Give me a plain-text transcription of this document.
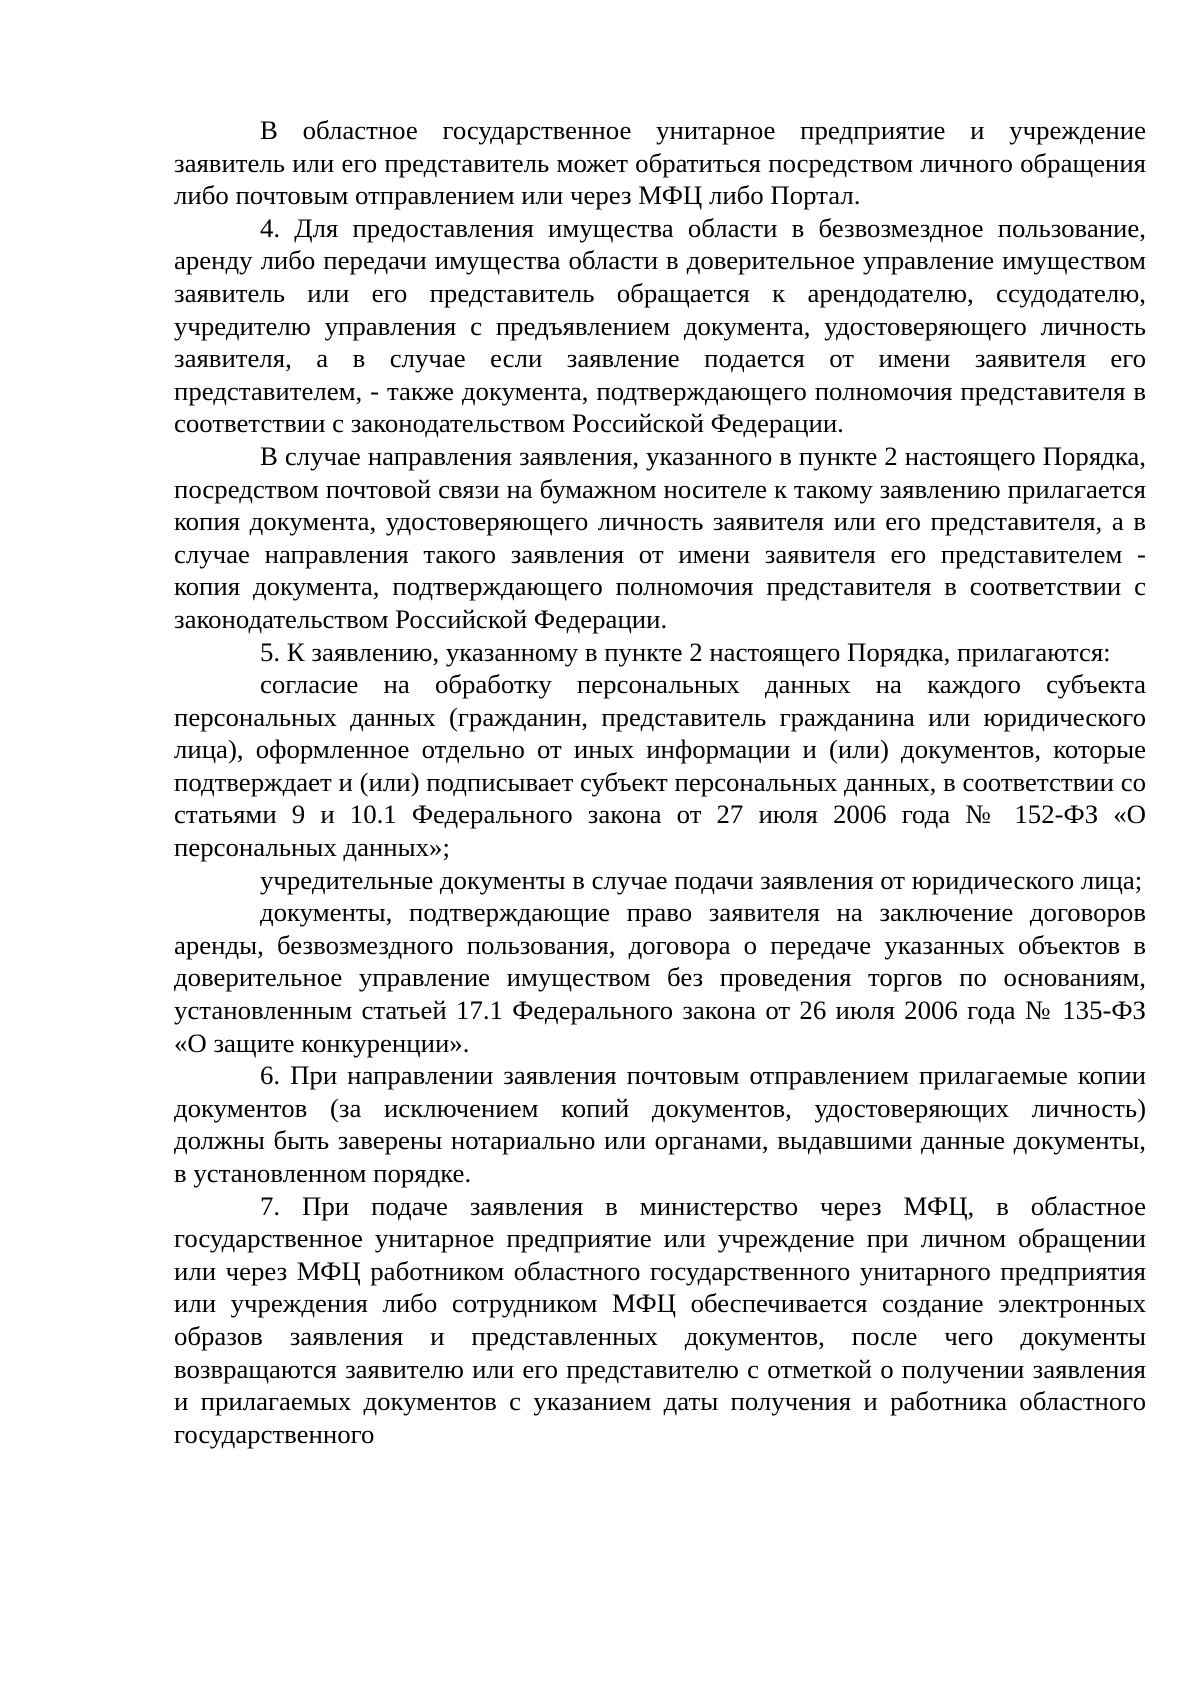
В областное государственное унитарное предприятие и учреждение заявитель или его представитель может обратиться посредством личного обращения либо почтовым отправлением или через МФЦ либо Портал.

4. Для предоставления имущества области в безвозмездное пользование, аренду либо передачи имущества области в доверительное управление имуществом заявитель или его представитель обращается к арендодателю, ссудодателю, учредителю управления с предъявлением документа, удостоверяющего личность заявителя, а в случае если заявление подается от имени заявителя его представителем, - также документа, подтверждающего полномочия представителя в соответствии с законодательством Российской Федерации.

В случае направления заявления, указанного в пункте 2 настоящего Порядка, посредством почтовой связи на бумажном носителе к такому заявлению прилагается копия документа, удостоверяющего личность заявителя или его представителя, а в случае направления такого заявления от имени заявителя его представителем - копия документа, подтверждающего полномочия представителя в соответствии с законодательством Российской Федерации.

5. К заявлению, указанному в пункте 2 настоящего Порядка, прилагаются:

согласие на обработку персональных данных на каждого субъекта персональных данных (гражданин, представитель гражданина или юридического лица), оформленное отдельно от иных информации и (или) документов, которые подтверждает и (или) подписывает субъект персональных данных, в соответствии со статьями 9 и 10.1 Федерального закона от 27 июля 2006 года № 152-ФЗ «О персональных данных»;

учредительные документы в случае подачи заявления от юридического лица;

документы, подтверждающие право заявителя на заключение договоров аренды, безвозмездного пользования, договора о передаче указанных объектов в доверительное управление имуществом без проведения торгов по основаниям, установленным статьей 17.1 Федерального закона от 26 июля 2006 года № 135-ФЗ «О защите конкуренции».

6. При направлении заявления почтовым отправлением прилагаемые копии документов (за исключением копий документов, удостоверяющих личность) должны быть заверены нотариально или органами, выдавшими данные документы, в установленном порядке.

7. При подаче заявления в министерство через МФЦ, в областное государственное унитарное предприятие или учреждение при личном обращении или через МФЦ работником областного государственного унитарного предприятия или учреждения либо сотрудником МФЦ обеспечивается создание электронных образов заявления и представленных документов, после чего документы возвращаются заявителю или его представителю с отметкой о получении заявления и прилагаемых документов с указанием даты получения и работника областного государственного
